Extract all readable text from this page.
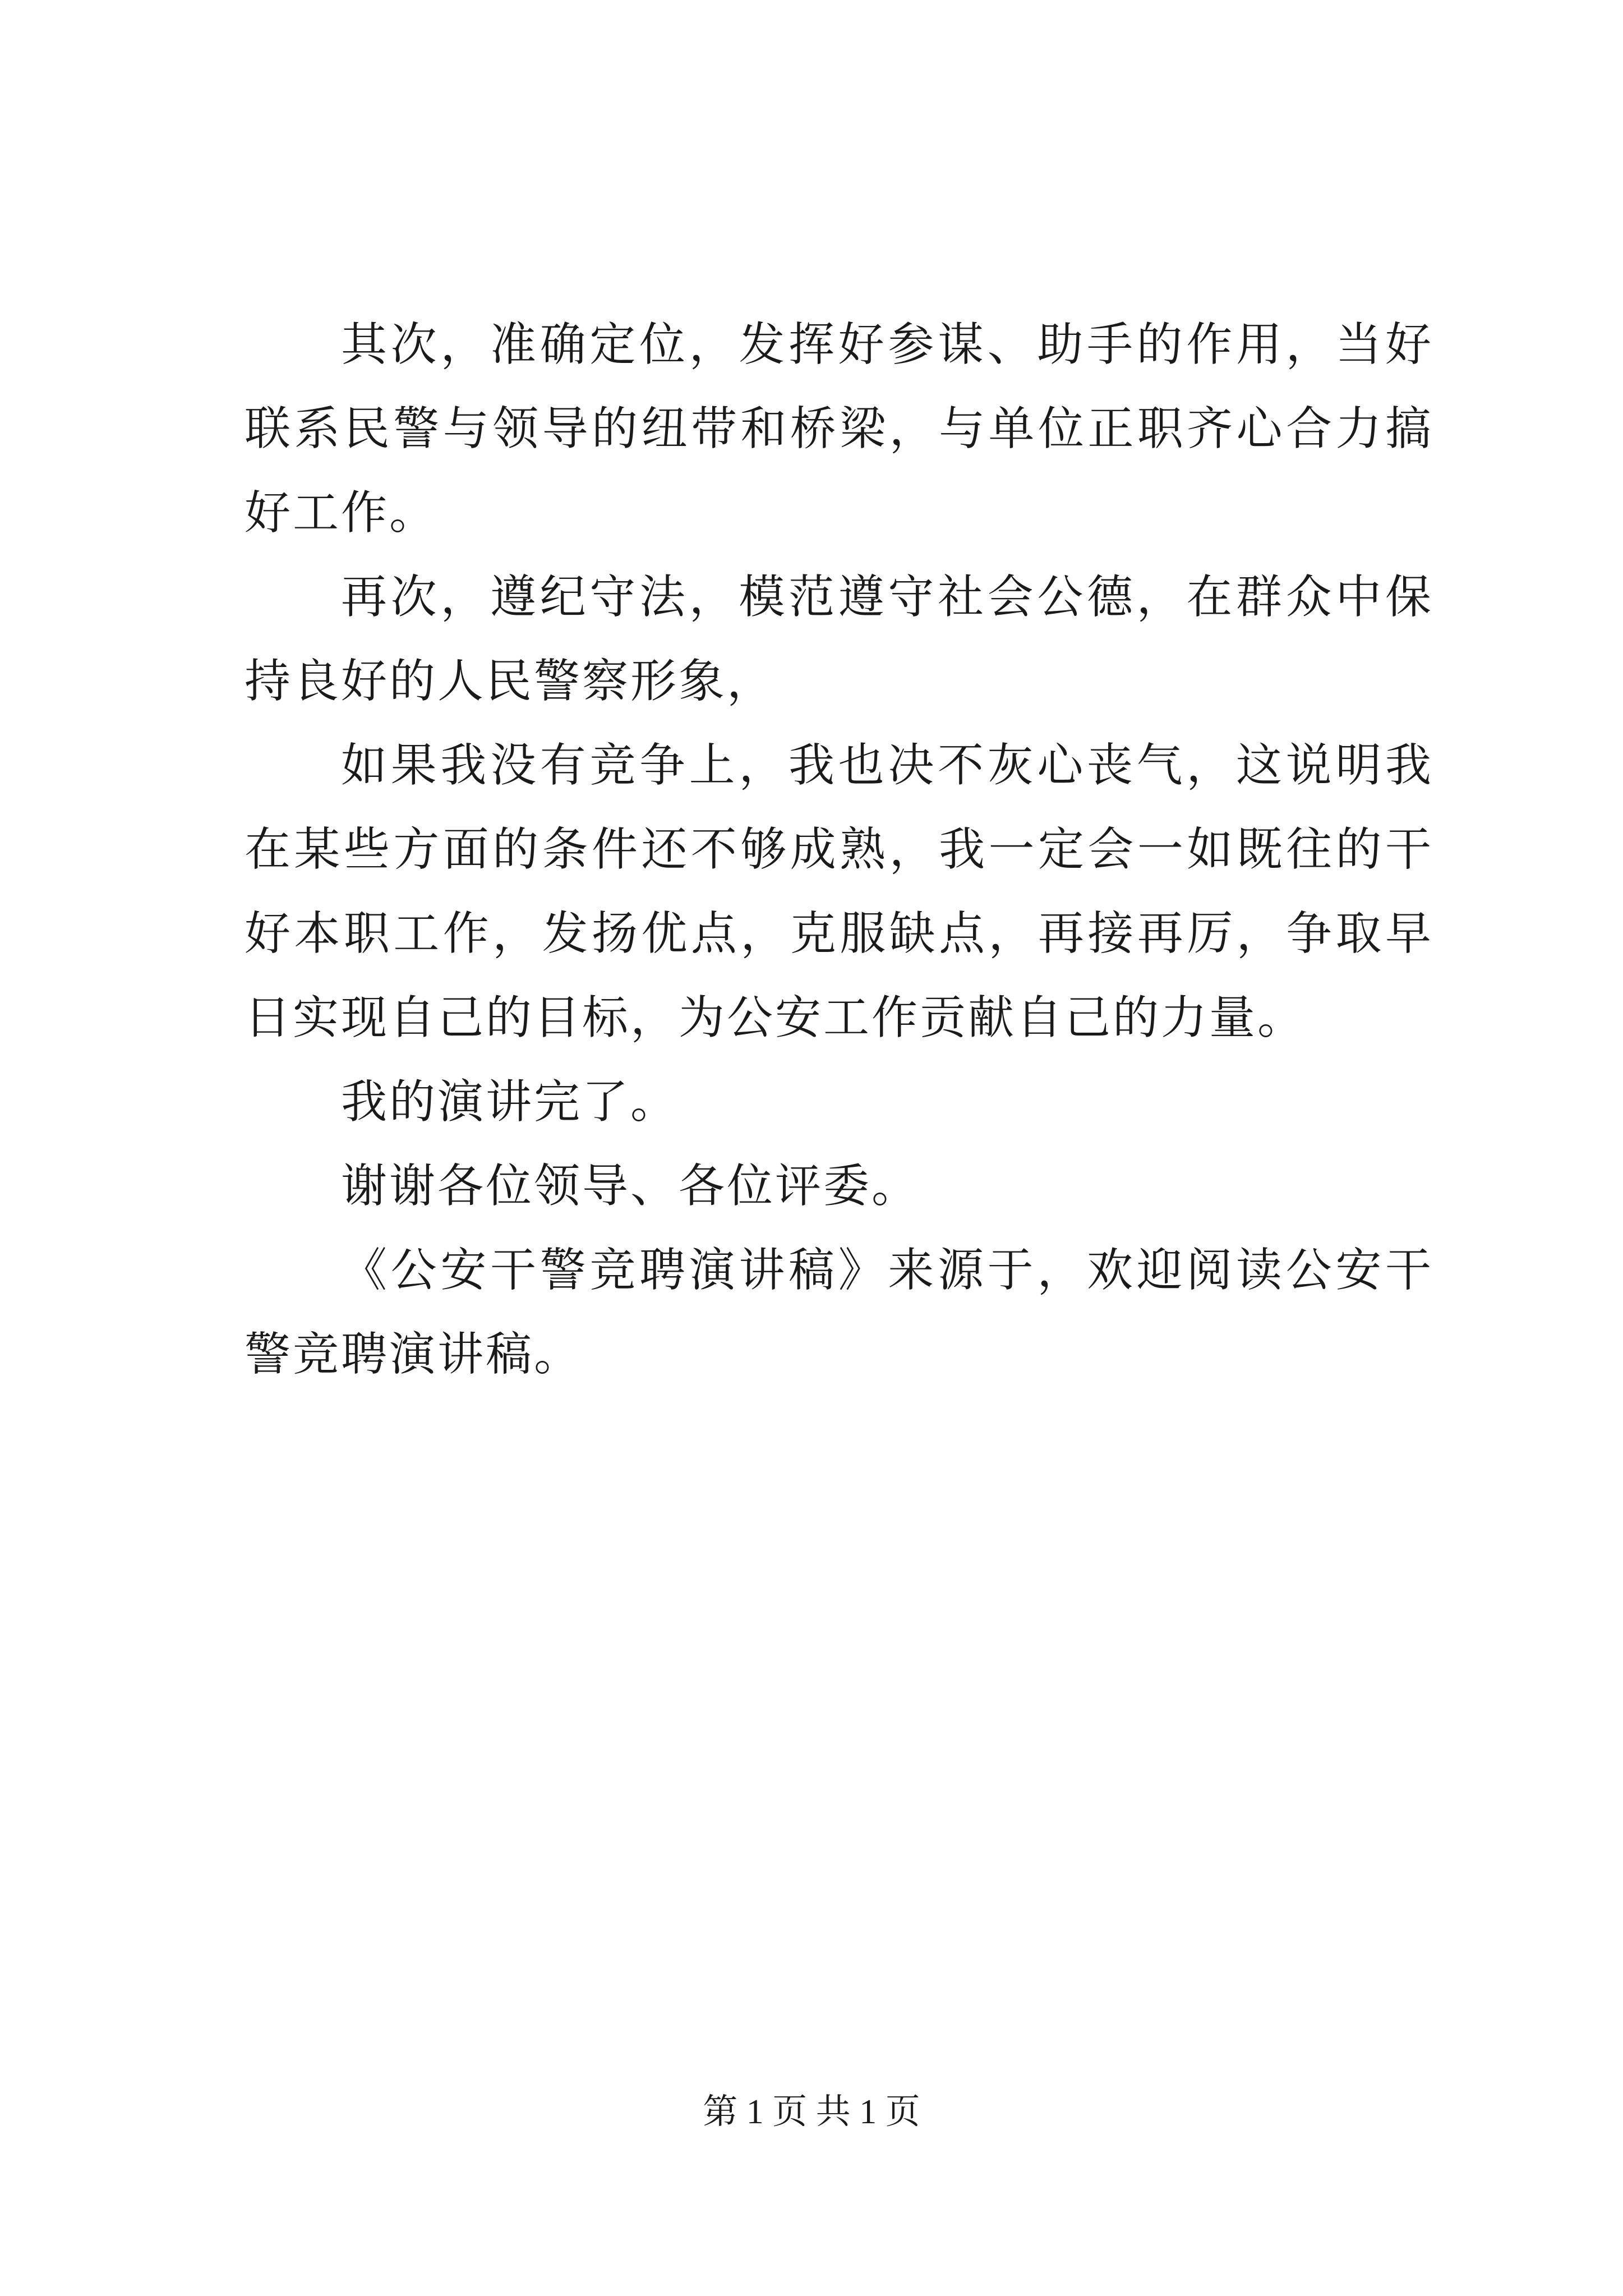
其次，准确定位，发挥好参谋、助手的作用，当好联系民警与领导的纽带和桥梁，与单位正职齐心合力搞好工作。

再次，遵纪守法，模范遵守社会公德，在群众中保持良好的人民警察形象，

如果我没有竞争上，我也决不灰心丧气，这说明我在某些方面的条件还不够成熟，我一定会一如既往的干好本职工作，发扬优点，克服缺点，再接再厉，争取早日实现自己的目标，为公安工作贡献自己的力量。

我的演讲完了。

谢谢各位领导、各位评委。

《公安干警竞聘演讲稿》来源于，欢迎阅读公安干警竞聘演讲稿。

第 1 页 共 1 页
